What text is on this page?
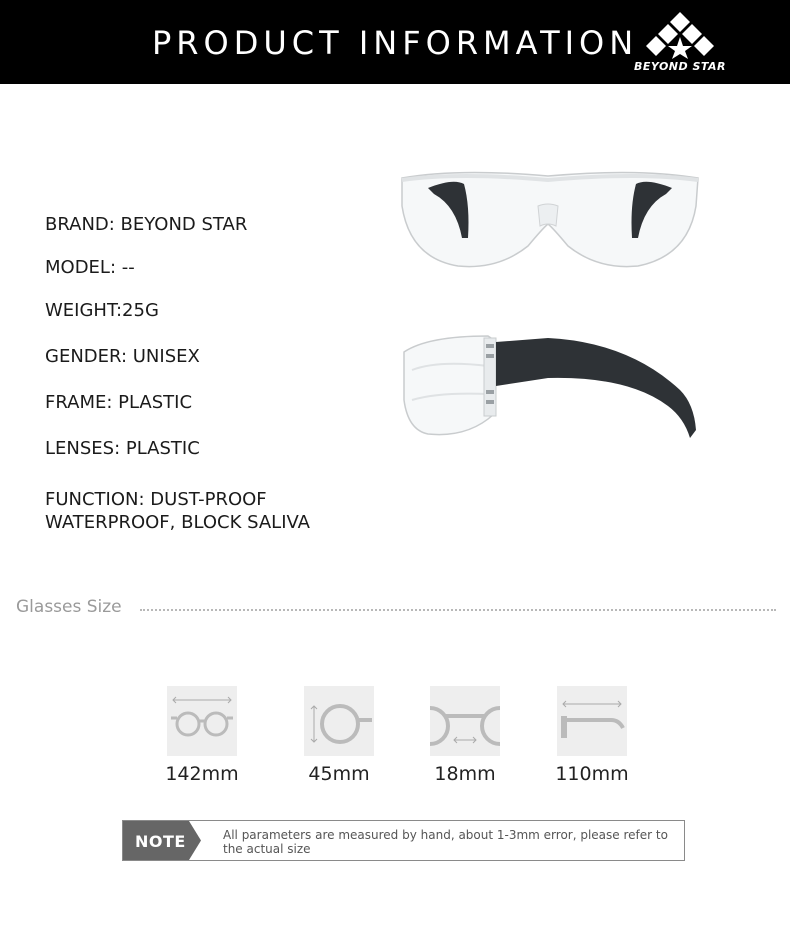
PRODUCT INFORMATION
BEYOND STAR
BRAND: BEYOND STAR
MODEL: --
WEIGHT:25G
GENDER: UNISEX
FRAME: PLASTIC
LENSES: PLASTIC
FUNCTION: DUST-PROOF
WATERPROOF, BLOCK SALIVA
Glasses Size
142mm	45mm	18mm	110mm
NOTE	All parameters are measured by hand, about 1-3mm error, please refer to the actual size
